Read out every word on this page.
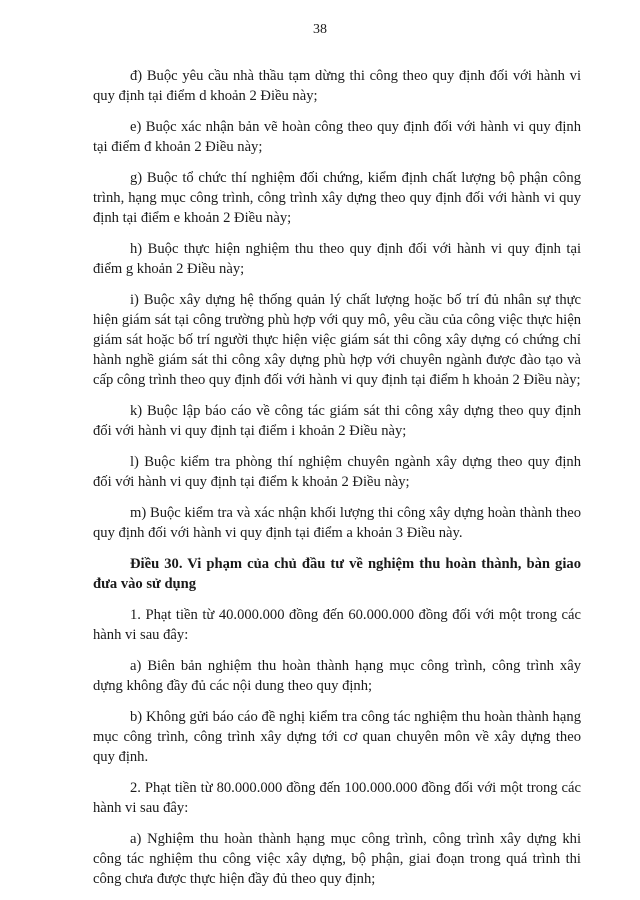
38

đ) Buộc yêu cầu nhà thầu tạm dừng thi công theo quy định đối với hành vi quy định tại điểm d khoản 2 Điều này;

e) Buộc xác nhận bản vẽ hoàn công theo quy định đối với hành vi quy định tại điểm đ khoản 2 Điều này;

g) Buộc tổ chức thí nghiệm đối chứng, kiểm định chất lượng bộ phận công trình, hạng mục công trình, công trình xây dựng theo quy định đối với hành vi quy định tại điểm e khoản 2 Điều này;

h) Buộc thực hiện nghiệm thu theo quy định đối với hành vi quy định tại điểm g khoản 2 Điều này;

i) Buộc xây dựng hệ thống quản lý chất lượng hoặc bố trí đủ nhân sự thực hiện giám sát tại công trường phù hợp với quy mô, yêu cầu của công việc thực hiện giám sát hoặc bố trí người thực hiện việc giám sát thi công xây dựng có chứng chỉ hành nghề giám sát thi công xây dựng phù hợp với chuyên ngành được đào tạo và cấp công trình theo quy định đối với hành vi quy định tại điểm h khoản 2 Điều này;

k) Buộc lập báo cáo về công tác giám sát thi công xây dựng theo quy định đối với hành vi quy định tại điểm i khoản 2 Điều này;

l) Buộc kiểm tra phòng thí nghiệm chuyên ngành xây dựng theo quy định đối với hành vi quy định tại điểm k khoản 2 Điều này;

m) Buộc kiểm tra và xác nhận khối lượng thi công xây dựng hoàn thành theo quy định đối với hành vi quy định tại điểm a khoản 3 Điều này.

Điều 30. Vi phạm của chủ đầu tư về nghiệm thu hoàn thành, bàn giao đưa vào sử dụng

1. Phạt tiền từ 40.000.000 đồng đến 60.000.000 đồng đối với một trong các hành vi sau đây:

a) Biên bản nghiệm thu hoàn thành hạng mục công trình, công trình xây dựng không đầy đủ các nội dung theo quy định;

b) Không gửi báo cáo đề nghị kiểm tra công tác nghiệm thu hoàn thành hạng mục công trình, công trình xây dựng tới cơ quan chuyên môn về xây dựng theo quy định.

2. Phạt tiền từ 80.000.000 đồng đến 100.000.000 đồng đối với một trong các hành vi sau đây:

a) Nghiệm thu hoàn thành hạng mục công trình, công trình xây dựng khi công tác nghiệm thu công việc xây dựng, bộ phận, giai đoạn trong quá trình thi công chưa được thực hiện đầy đủ theo quy định;
